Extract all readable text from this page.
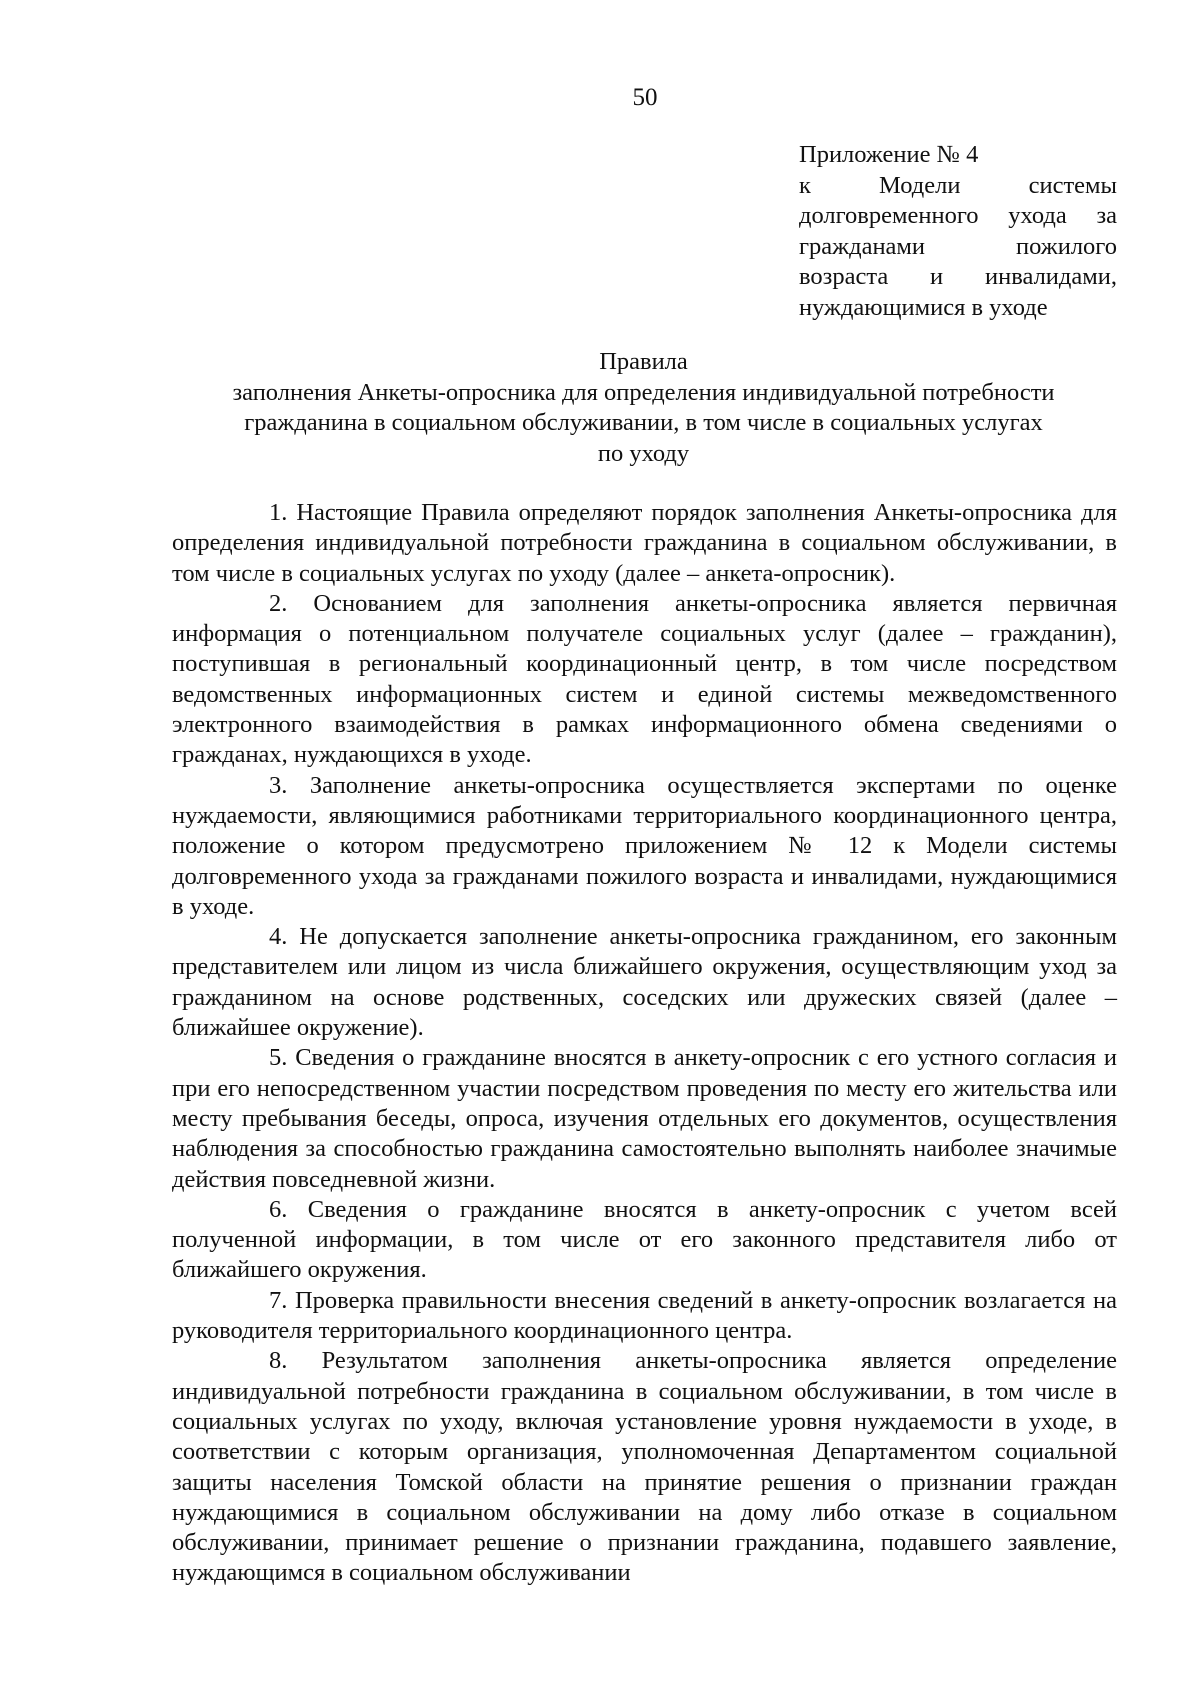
50
Приложение № 4
к Модели системы долговременного ухода за гражданами пожилого возраста и инвалидами, нуждающимися в уходе
Правила
заполнения Анкеты-опросника для определения индивидуальной потребности
гражданина в социальном обслуживании, в том числе в социальных услугах
по уходу

1. Настоящие Правила определяют порядок заполнения Анкеты-опросника для определения индивидуальной потребности гражданина в социальном обслуживании, в том числе в социальных услугах по уходу (далее – анкета-опросник).

2. Основанием для заполнения анкеты-опросника является первичная информация о потенциальном получателе социальных услуг (далее – гражданин), поступившая в региональный координационный центр, в том числе посредством ведомственных информационных систем и единой системы межведомственного электронного взаимодействия в рамках информационного обмена сведениями о гражданах, нуждающихся в уходе.

3. Заполнение анкеты-опросника осуществляется экспертами по оценке нуждаемости, являющимися работниками территориального координационного центра, положение о котором предусмотрено приложением № 12 к Модели системы долговременного ухода за гражданами пожилого возраста и инвалидами, нуждающимися в уходе.

4. Не допускается заполнение анкеты-опросника гражданином, его законным представителем или лицом из числа ближайшего окружения, осуществляющим уход за гражданином на основе родственных, соседских или дружеских связей (далее – ближайшее окружение).

5. Сведения о гражданине вносятся в анкету-опросник с его устного согласия и при его непосредственном участии посредством проведения по месту его жительства или месту пребывания беседы, опроса, изучения отдельных его документов, осуществления наблюдения за способностью гражданина самостоятельно выполнять наиболее значимые действия повседневной жизни.

6. Сведения о гражданине вносятся в анкету-опросник с учетом всей полученной информации, в том числе от его законного представителя либо от ближайшего окружения.

7. Проверка правильности внесения сведений в анкету-опросник возлагается на руководителя территориального координационного центра.

8. Результатом заполнения анкеты-опросника является определение индивидуальной потребности гражданина в социальном обслуживании, в том числе в социальных услугах по уходу, включая установление уровня нуждаемости в уходе, в соответствии с которым организация, уполномоченная Департаментом социальной защиты населения Томской области на принятие решения о признании граждан нуждающимися в социальном обслуживании на дому либо отказе в социальном обслуживании, принимает решение о признании гражданина, подавшего заявление, нуждающимся в социальном обслуживании
